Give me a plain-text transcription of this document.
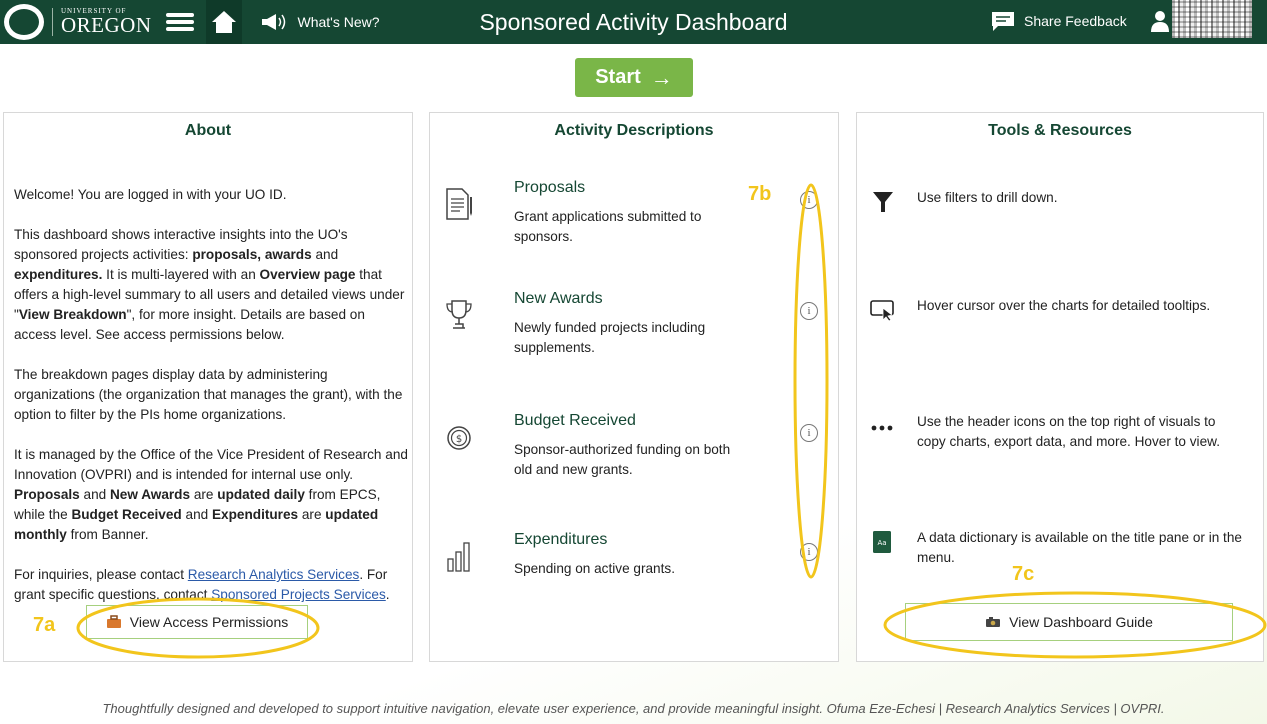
UNIVERSITY OF
OREGON	What's New?	Sponsored Activity Dashboard	Share Feedback
Start →
About

Welcome! You are logged in with your UO ID.

This dashboard shows interactive insights into the UO's sponsored projects activities: proposals, awards and expenditures. It is multi-layered with an Overview page that offers a high-level summary to all users and detailed views under "View Breakdown", for more insight. Details are based on access level. See access permissions below.

The breakdown pages display data by administering organizations (the organization that manages the grant), with the option to filter by the PIs home organizations.

It is managed by the Office of the Vice President of Research and Innovation (OVPRI) and is intended for internal use only. Proposals and New Awards are updated daily from EPCS, while the Budget Received and Expenditures are updated monthly from Banner.

For inquiries, please contact Research Analytics Services. For grant specific questions, contact Sponsored Projects Services.

View Access Permissions
Activity Descriptions
Proposals
Grant applications submitted to sponsors.
i
New Awards
Newly funded projects including supplements.
i
$
Budget Received
Sponsor-authorized funding on both old and new grants.
i
Expenditures
Spending on active grants.
i
Tools & Resources
Use filters to drill down.
Hover cursor over the charts for detailed tooltips.
Use the header icons on the top right of visuals to copy charts, export data, and more. Hover to view.
Aa A data dictionary is available on the title pane or in the menu.
View Dashboard Guide
7a
7b
7c
Thoughtfully designed and developed to support intuitive navigation, elevate user experience, and provide meaningful insight. Ofuma Eze-Echesi | Research Analytics Services | OVPRI.
